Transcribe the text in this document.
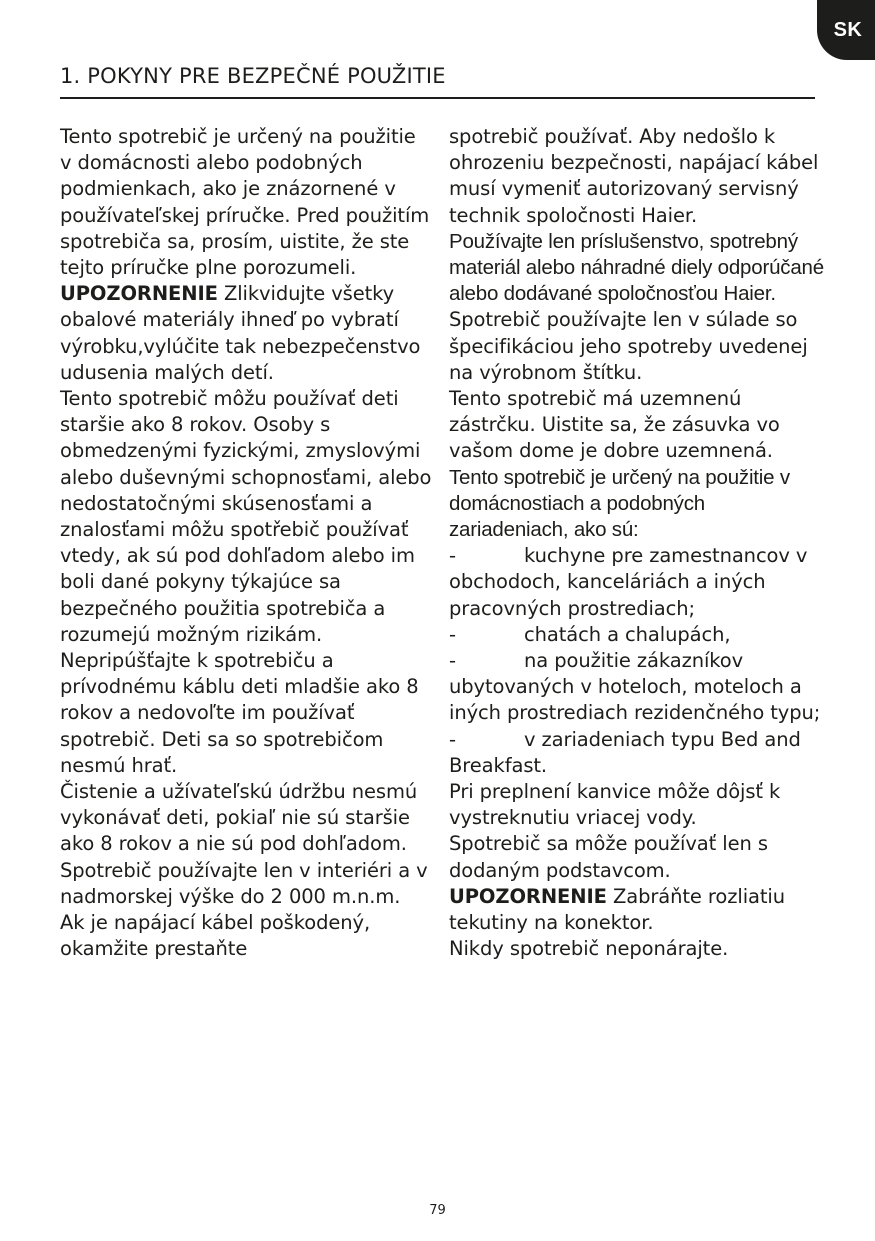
SK
1. POKYNY PRE BEZPEČNÉ POUŽITIE

Tento spotrebič je určený na použitie v domácnosti alebo podobných podmienkach, ako je znázornené v používateľskej príručke. Pred použitím spotrebiča sa, prosím, uistite, že ste tejto príručke plne porozumeli.

UPOZORNENIE Zlikvidujte všetky obalové materiály ihneď po vybratí výrobku,vylúčite tak nebezpečenstvo udusenia malých detí.

Tento spotrebič môžu používať deti staršie ako 8 rokov. Osoby s obmedzenými fyzickými, zmyslovými alebo duševnými schopnosťami, alebo nedostatočnými skúsenosťami a znalosťami môžu spotřebič používať vtedy, ak sú pod dohľadom alebo im boli dané pokyny týkajúce sa bezpečného použitia spotrebiča a rozumejú možným rizikám.

Nepripúšťajte k spotrebiču a prívodnému káblu deti mladšie ako 8 rokov a nedovoľte im používať spotrebič. Deti sa so spotrebičom nesmú hrať.

Čistenie a užívateľskú údržbu nesmú vykonávať deti, pokiaľ nie sú staršie ako 8 rokov a nie sú pod dohľadom.

Spotrebič používajte len v interiéri a v nadmorskej výške do 2 000 m.n.m.

Ak je napájací kábel poškodený, okamžite prestaňte

spotrebič používať. Aby nedošlo k ohrozeniu bezpečnosti, napájací kábel musí vymeniť autorizovaný servisný technik spoločnosti Haier.

Používajte len príslušenstvo, spotrebný materiál alebo náhradné diely odporúčané alebo dodávané spoločnosťou Haier.

Spotrebič používajte len v súlade so špecifikáciou jeho spotreby uvedenej na výrobnom štítku.

Tento spotrebič má uzemnenú zástrčku. Uistite sa, že zásuvka vo vašom dome je dobre uzemnená.

Tento spotrebič je určený na použitie v domácnostiach a podobných zariadeniach, ako sú:

-	kuchyne pre zamestnancov v obchodoch, kanceláriách a iných pracovných prostrediach;

-	chatách a chalupách,

-	na použitie zákazníkov ubytovaných v hoteloch, moteloch a iných prostrediach rezidenčného typu;

-	v zariadeniach typu Bed and Breakfast.

Pri preplnení kanvice môže dôjsť k vystreknutiu vriacej vody.

Spotrebič sa môže používať len s dodaným podstavcom.

UPOZORNENIE Zabráňte rozliatiu tekutiny na konektor.

Nikdy spotrebič neponárajte.

79
